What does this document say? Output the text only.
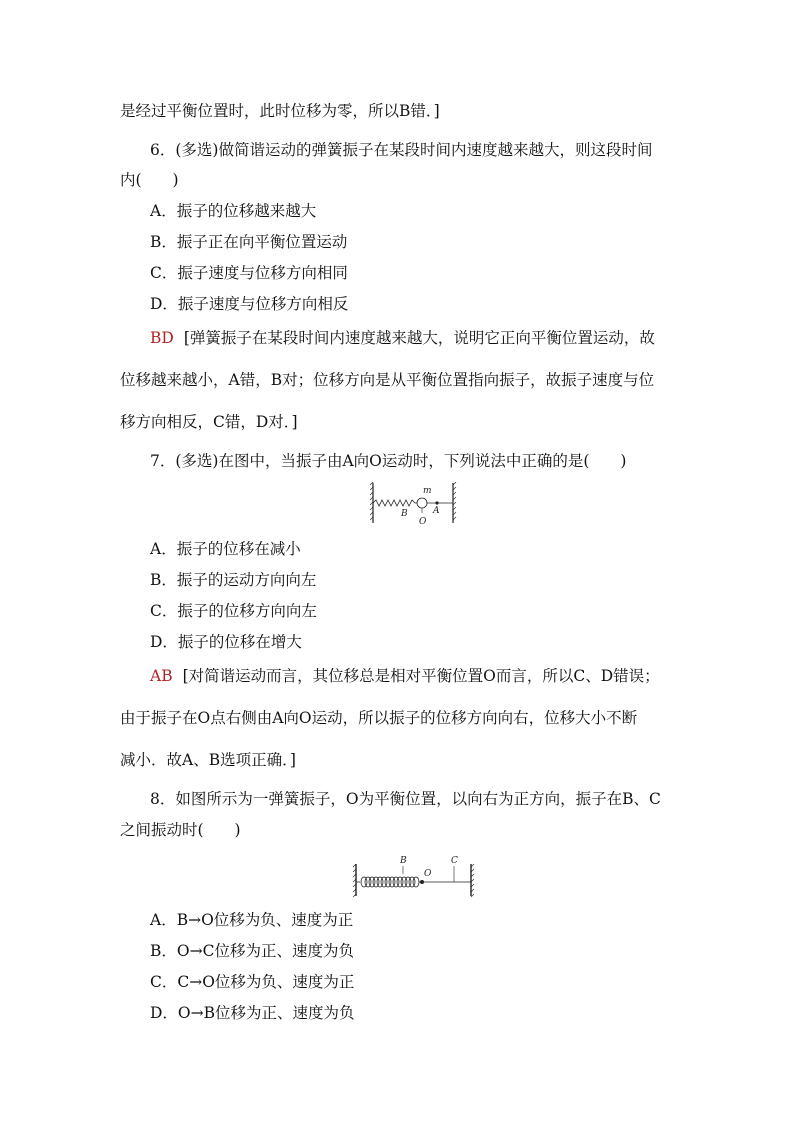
是经过平衡位置时，此时位移为零，所以B错．]
6．(多选)做简谐运动的弹簧振子在某段时间内速度越来越大，则这段时间
内(　　)
A．振子的位移越来越大
B．振子正在向平衡位置运动
C．振子速度与位移方向相同
D．振子速度与位移方向相反
BD [弹簧振子在某段时间内速度越来越大，说明它正向平衡位置运动，故
位移越来越小，A错，B对；位移方向是从平衡位置指向振子，故振子速度与位
移方向相反，C错，D对．]
7．(多选)在图中，当振子由A向O运动时，下列说法中正确的是(　　)
m
B
O
A
A．振子的位移在减小
B．振子的运动方向向左
C．振子的位移方向向左
D．振子的位移在增大
AB [对简谐运动而言，其位移总是相对平衡位置O而言，所以C、D错误；
由于振子在O点右侧由A向O运动，所以振子的位移方向向右，位移大小不断
减小．故A、B选项正确．]
8．如图所示为一弹簧振子，O为平衡位置，以向右为正方向，振子在B、C
之间振动时(　　)
B
O
C
A．B→O位移为负、速度为正
B．O→C位移为正、速度为负
C．C→O位移为负、速度为正
D．O→B位移为正、速度为负
